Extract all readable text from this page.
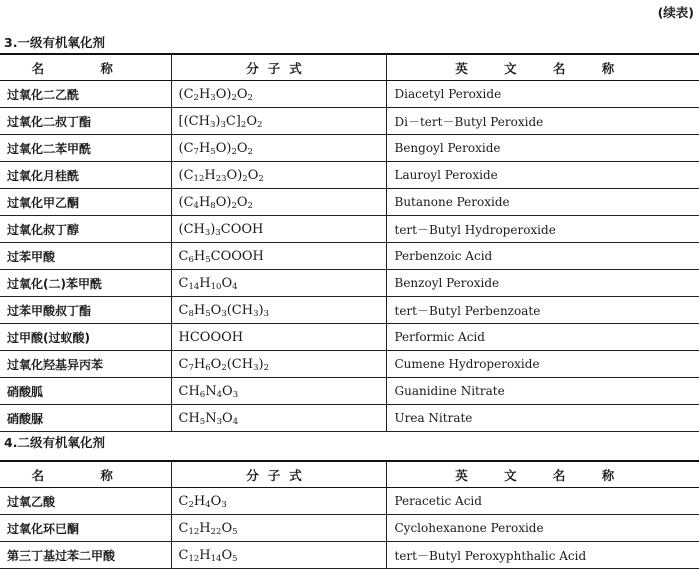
(续表)
3.一级有机氧化剂
名 称	分子式	英 文 名 称
过氧化二乙酰	$(C_2H_3O)_2O_2$	Diacetyl Peroxide
过氧化二叔丁酯	$[(CH_3)_3C]_2O_2$	Di－tert－Butyl Peroxide
过氧化二苯甲酰	$(C_7H_5O)_2O_2$	Bengoyl Peroxide
过氧化月桂酰	$(C_{12}H_{23}O)_2O_2$	Lauroyl Peroxide
过氧化甲乙酮	$(C_4H_8O)_2O_2$	Butanone Peroxide
过氧化叔丁醇	$(CH_3)_3COOH$	tert－Butyl Hydroperoxide
过苯甲酸	$C_6H_5COOOH$	Perbenzoic Acid
过氧化(二)苯甲酰	$C_{14}H_{10}O_4$	Benzoyl Peroxide
过苯甲酸叔丁酯	$C_8H_5O_3(CH_3)_3$	tert－Butyl Perbenzoate
过甲酸(过蚁酸)	HCOOOH	Performic Acid
过氧化羟基异丙苯	$C_7H_6O_2(CH_3)_2$	Cumene Hydroperoxide
硝酸胍	$CH_6N_4O_3$	Guanidine Nitrate
硝酸脲	$CH_5N_3O_4$	Urea Nitrate
4.二级有机氧化剂
名 称	分子式	英 文 名 称
过氧乙酸	$C_2H_4O_3$	Peracetic Acid
过氧化环已酮	$C_{12}H_{22}O_5$	Cyclohexanone Peroxide
第三丁基过苯二甲酸	$C_{12}H_{14}O_5$	tert－Butyl Peroxyphthalic Acid
